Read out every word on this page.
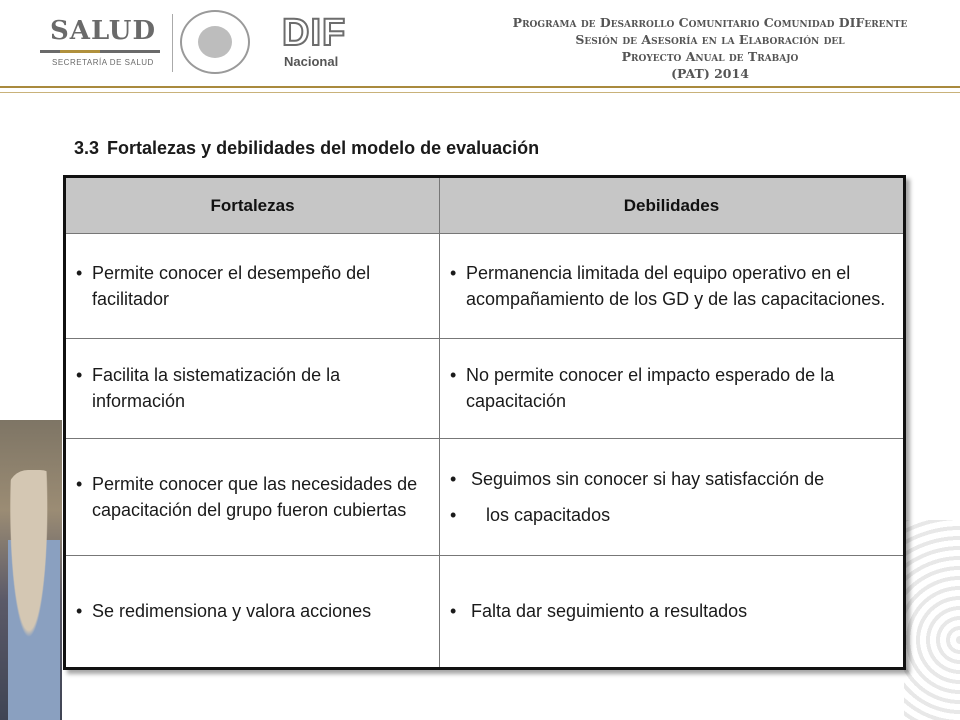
SALUD
SECRETARÍA DE SALUD
DIF
Nacional
Programa de Desarrollo Comunitario Comunidad DIFerente
Sesión de Asesoría en la Elaboración del
Proyecto Anual de Trabajo
(PAT) 2014
3.3 Fortalezas y debilidades del modelo de evaluación
Fortalezas	Debilidades
• Permite conocer el desempeño del facilitador
• Permanencia limitada del equipo operativo en el acompañamiento de los GD y de las capacitaciones.
• Facilita la sistematización de la información
• No permite conocer el impacto esperado de la capacitación
• Permite conocer que las necesidades de capacitación del grupo fueron cubiertas
• Seguimos sin conocer si hay satisfacción de
• los capacitados
• Se redimensiona y valora acciones	• Falta dar seguimiento a resultados
